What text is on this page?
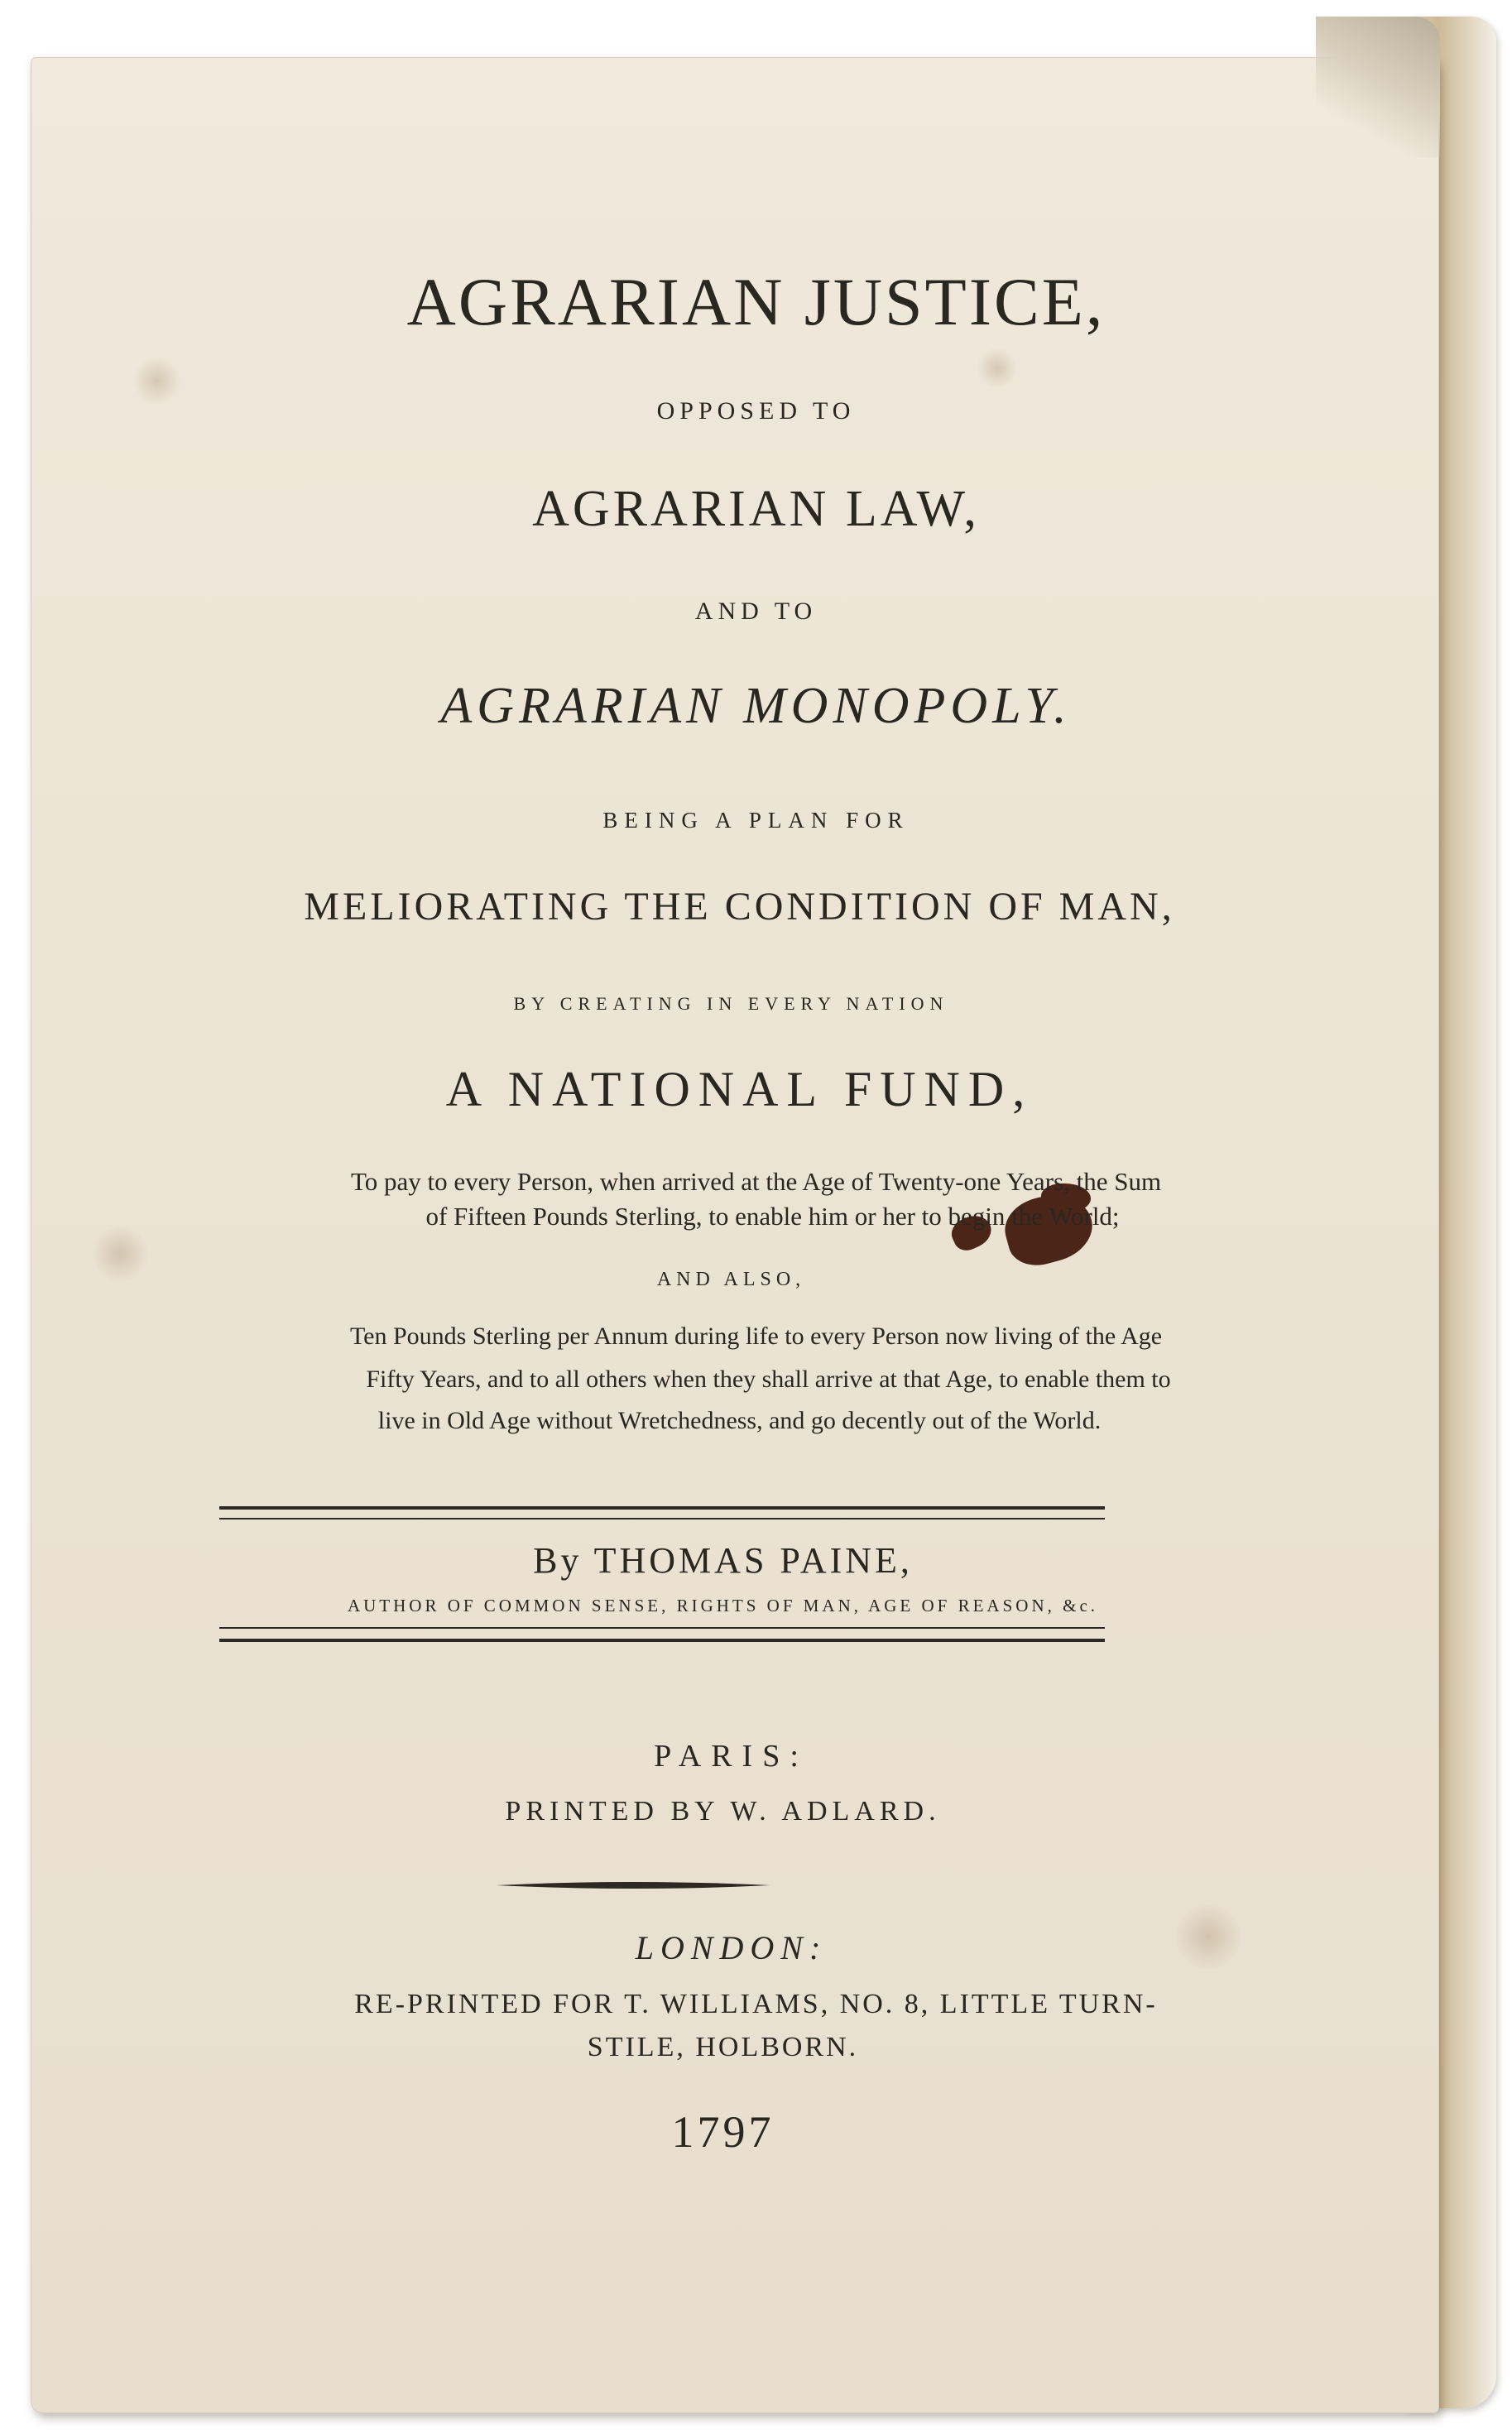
AGRARIAN JUSTICE,
OPPOSED TO
AGRARIAN LAW,
AND TO
AGRARIAN MONOPOLY.
BEING A PLAN FOR
MELIORATING THE CONDITION OF MAN,
BY CREATING IN EVERY NATION
A NATIONAL FUND,
To pay to every Person, when arrived at the Age of Twenty-one Years, the Sum
of Fifteen Pounds Sterling, to enable him or her to begin the World;
AND ALSO,
Ten Pounds Sterling per Annum during life to every Person now living of the Age
Fifty Years, and to all others when they shall arrive at that Age, to enable them to
live in Old Age without Wretchedness, and go decently out of the World.
By THOMAS PAINE,
AUTHOR OF COMMON SENSE, RIGHTS OF MAN, AGE OF REASON, &c.
PARIS:
PRINTED BY W. ADLARD.
LONDON:
RE-PRINTED FOR T. WILLIAMS, NO. 8, LITTLE TURN-
STILE, HOLBORN.
1797
